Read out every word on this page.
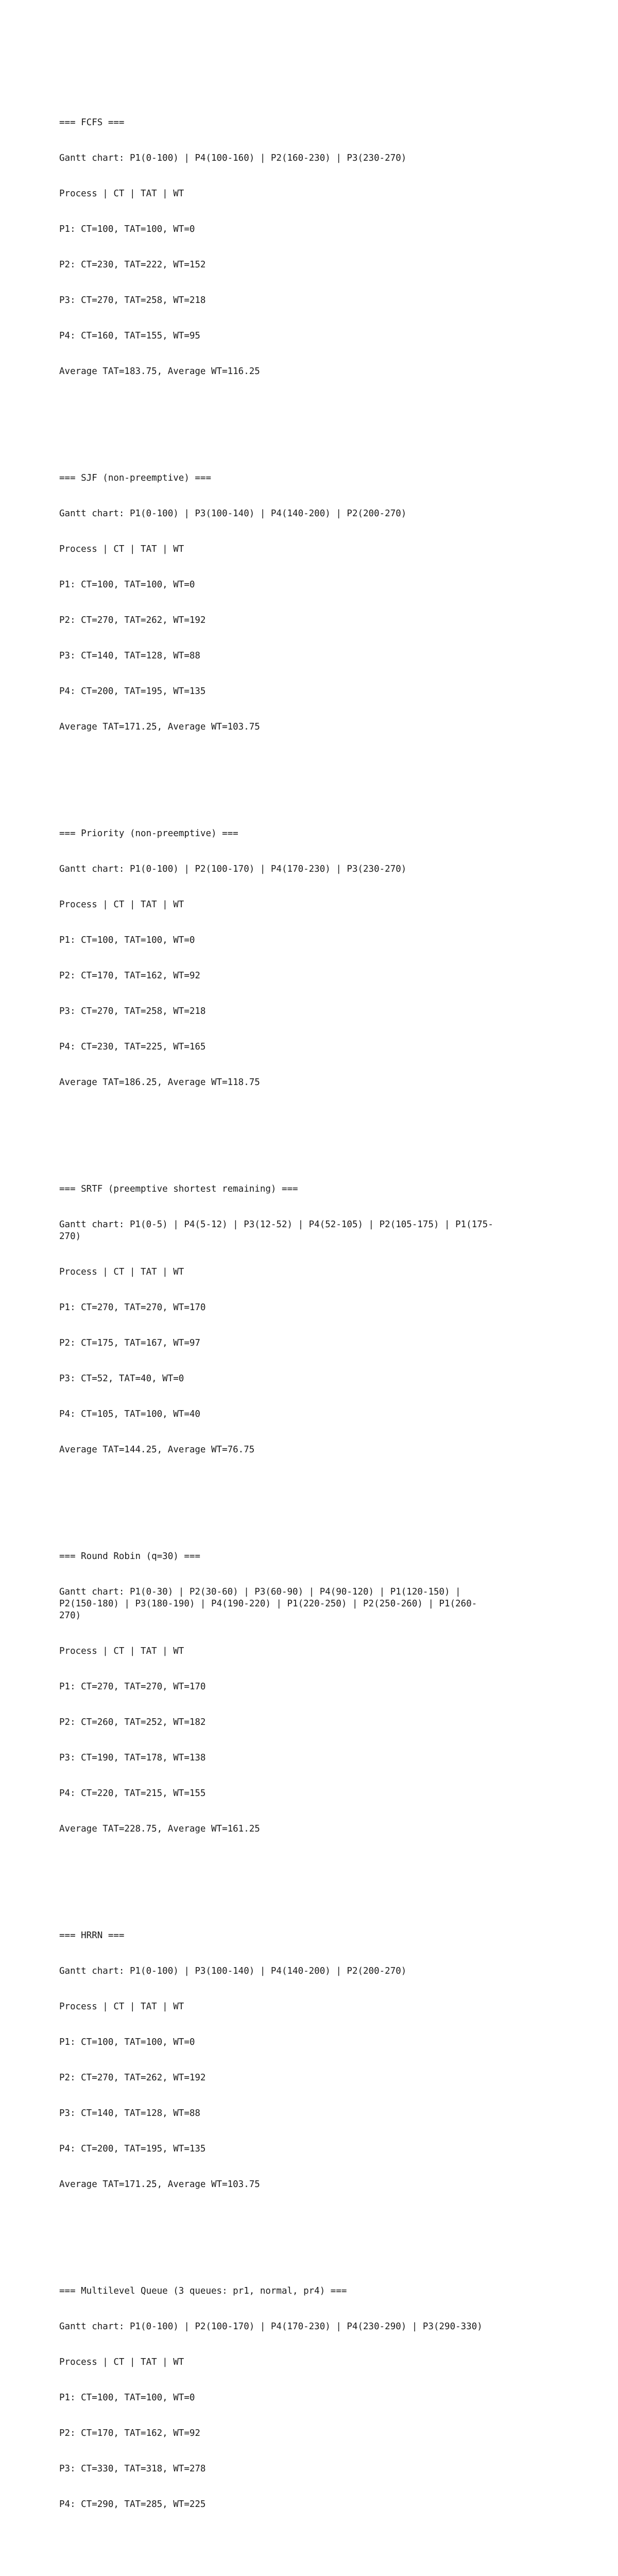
=== FCFS ===

Gantt chart: P1(0-100) | P4(100-160) | P2(160-230) | P3(230-270)

Process | CT | TAT | WT

P1: CT=100, TAT=100, WT=0

P2: CT=230, TAT=222, WT=152

P3: CT=270, TAT=258, WT=218

P4: CT=160, TAT=155, WT=95

Average TAT=183.75, Average WT=116.25

=== SJF (non-preemptive) ===

Gantt chart: P1(0-100) | P3(100-140) | P4(140-200) | P2(200-270)

Process | CT | TAT | WT

P1: CT=100, TAT=100, WT=0

P2: CT=270, TAT=262, WT=192

P3: CT=140, TAT=128, WT=88

P4: CT=200, TAT=195, WT=135

Average TAT=171.25, Average WT=103.75

=== Priority (non-preemptive) ===

Gantt chart: P1(0-100) | P2(100-170) | P4(170-230) | P3(230-270)

Process | CT | TAT | WT

P1: CT=100, TAT=100, WT=0

P2: CT=170, TAT=162, WT=92

P3: CT=270, TAT=258, WT=218

P4: CT=230, TAT=225, WT=165

Average TAT=186.25, Average WT=118.75

=== SRTF (preemptive shortest remaining) ===

Gantt chart: P1(0-5) | P4(5-12) | P3(12-52) | P4(52-105) | P2(105-175) | P1(175-
270)

Process | CT | TAT | WT

P1: CT=270, TAT=270, WT=170

P2: CT=175, TAT=167, WT=97

P3: CT=52, TAT=40, WT=0

P4: CT=105, TAT=100, WT=40

Average TAT=144.25, Average WT=76.75

=== Round Robin (q=30) ===

Gantt chart: P1(0-30) | P2(30-60) | P3(60-90) | P4(90-120) | P1(120-150) |
P2(150-180) | P3(180-190) | P4(190-220) | P1(220-250) | P2(250-260) | P1(260-
270)

Process | CT | TAT | WT

P1: CT=270, TAT=270, WT=170

P2: CT=260, TAT=252, WT=182

P3: CT=190, TAT=178, WT=138

P4: CT=220, TAT=215, WT=155

Average TAT=228.75, Average WT=161.25

=== HRRN ===

Gantt chart: P1(0-100) | P3(100-140) | P4(140-200) | P2(200-270)

Process | CT | TAT | WT

P1: CT=100, TAT=100, WT=0

P2: CT=270, TAT=262, WT=192

P3: CT=140, TAT=128, WT=88

P4: CT=200, TAT=195, WT=135

Average TAT=171.25, Average WT=103.75

=== Multilevel Queue (3 queues: pr1, normal, pr4) ===

Gantt chart: P1(0-100) | P2(100-170) | P4(170-230) | P4(230-290) | P3(290-330)

Process | CT | TAT | WT

P1: CT=100, TAT=100, WT=0

P2: CT=170, TAT=162, WT=92

P3: CT=330, TAT=318, WT=278

P4: CT=290, TAT=285, WT=225
